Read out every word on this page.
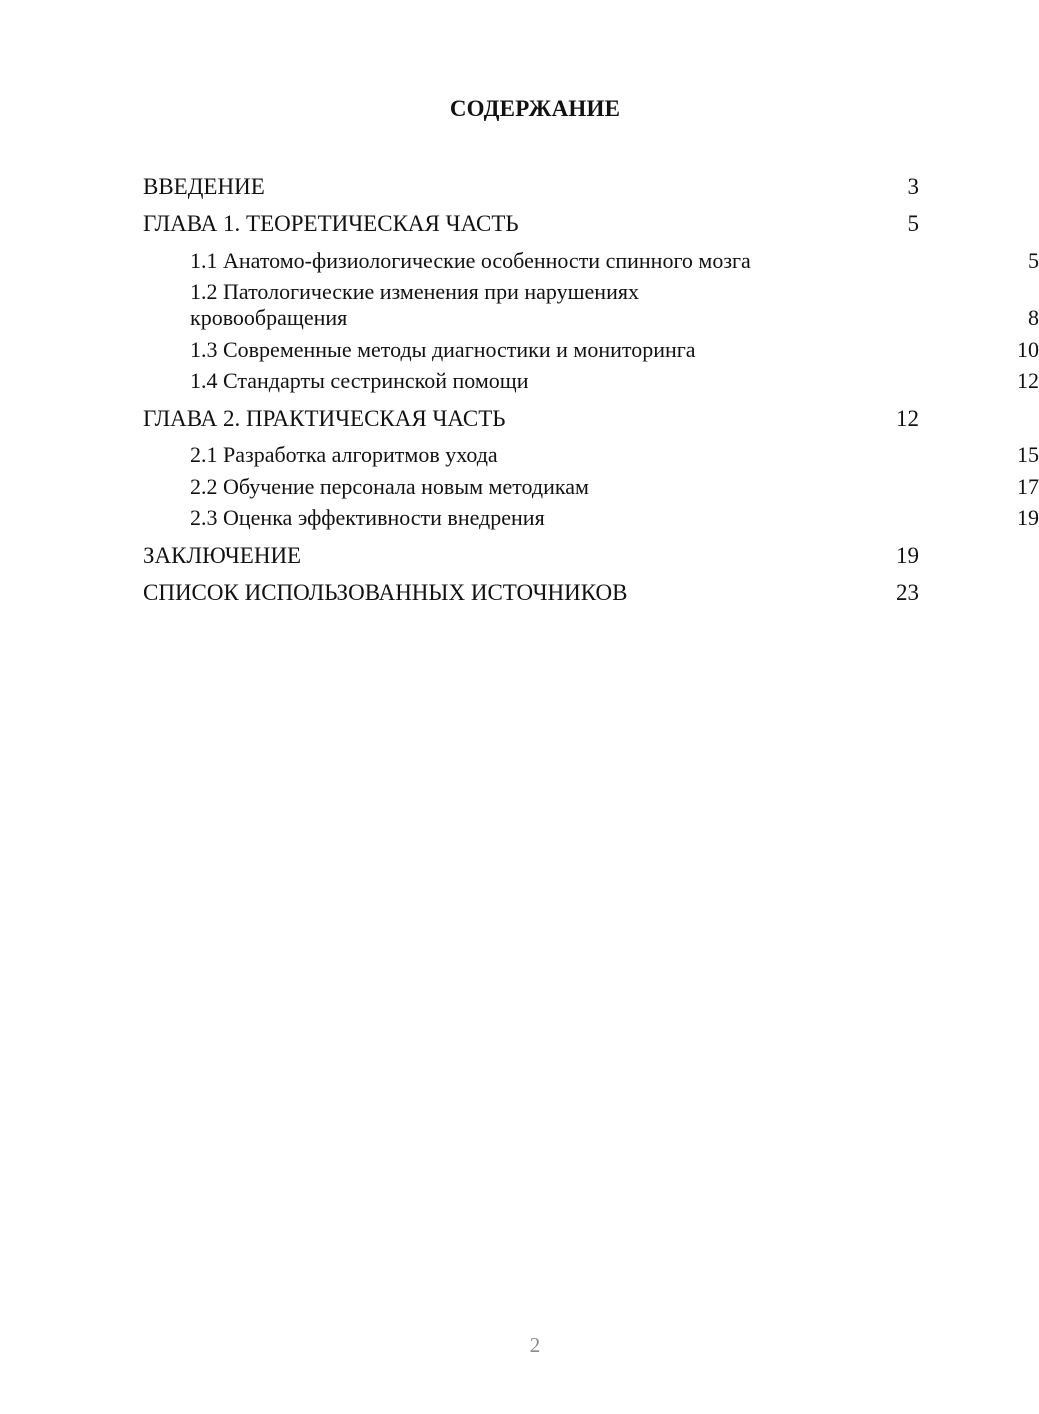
СОДЕРЖАНИЕ
ВВЕДЕНИЕ	3
ГЛАВА 1. ТЕОРЕТИЧЕСКАЯ ЧАСТЬ	5
1.1 Анатомо-физиологические особенности спинного мозга	5
1.2 Патологические изменения при нарушениях кровообращения	8
1.3 Современные методы диагностики и мониторинга	10
1.4 Стандарты сестринской помощи	12
ГЛАВА 2. ПРАКТИЧЕСКАЯ ЧАСТЬ	12
2.1 Разработка алгоритмов ухода	15
2.2 Обучение персонала новым методикам	17
2.3 Оценка эффективности внедрения	19
ЗАКЛЮЧЕНИЕ	19
СПИСОК ИСПОЛЬЗОВАННЫХ ИСТОЧНИКОВ	23
2
